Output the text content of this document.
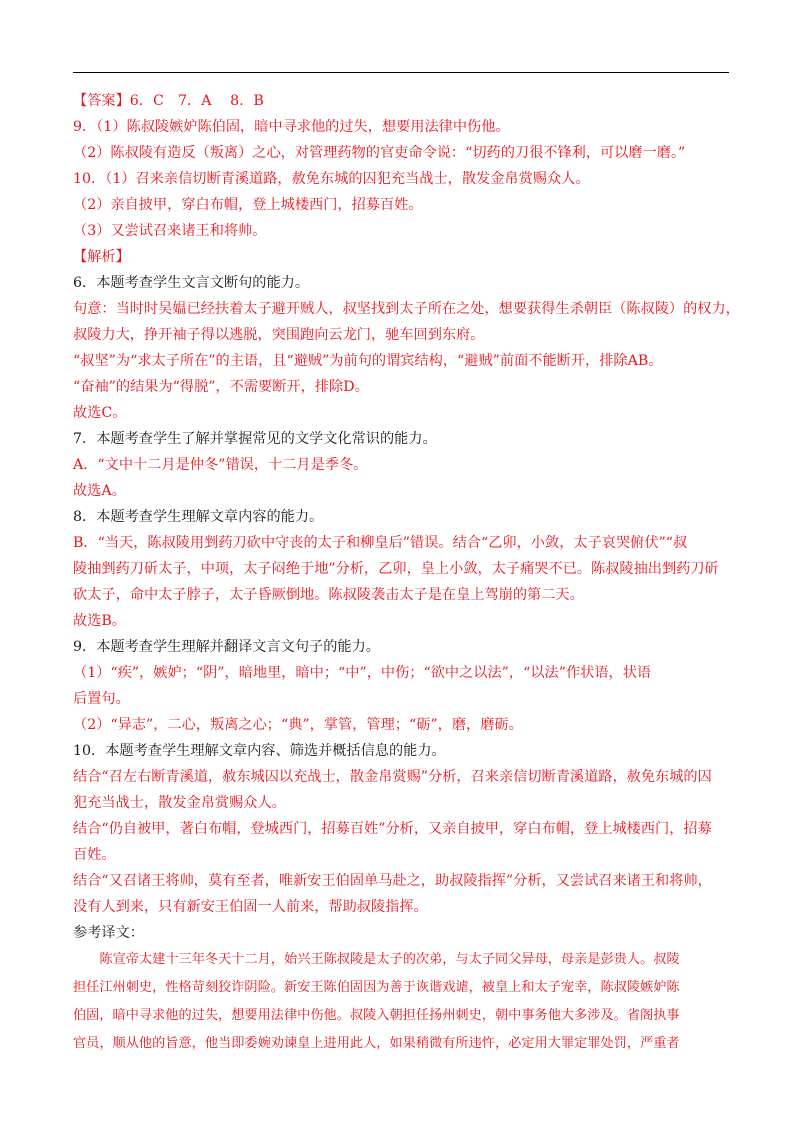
【答案】6．C　7．A　 8．B
9．（1）陈叔陵嫉妒陈伯固，暗中寻求他的过失，想要用法律中伤他。
（2）陈叔陵有造反（叛离）之心，对管理药物的官吏命令说：“切药的刀很不锋利，可以磨一磨。”
10．（1）召来亲信切断青溪道路，赦免东城的囚犯充当战士，散发金帛赏赐众人。
（2）亲自披甲，穿白布帽，登上城楼西门，招募百姓。
（3）又尝试召来诸王和将帅。
【解析】
6．本题考查学生文言文断句的能力。
句意：当时时吴媪已经扶着太子避开贼人，叔坚找到太子所在之处，想要获得生杀朝臣（陈叔陵）的权力，
叔陵力大，挣开袖子得以逃脱，突围跑向云龙门，驰车回到东府。
“叔坚”为“求太子所在”的主语，且“避贼”为前句的谓宾结构，“避贼”前面不能断开，排除AB。
“奋袖”的结果为“得脱”，不需要断开，排除D。
故选C。
7．本题考查学生了解并掌握常见的文学文化常识的能力。
A．“文中十二月是仲冬”错误，十二月是季冬。
故选A。
8．本题考查学生理解文章内容的能力。
B．“当天，陈叔陵用剉药刀砍中守丧的太子和柳皇后”错误。结合“乙卯，小敛，太子哀哭俯伏”“叔
陵抽剉药刀斫太子，中项，太子闷绝于地”分析，乙卯，皇上小敛，太子痛哭不已。陈叔陵抽出剉药刀斫
砍太子，命中太子脖子，太子昏厥倒地。陈叔陵袭击太子是在皇上驾崩的第二天。
故选B。
9．本题考查学生理解并翻译文言文句子的能力。
（1）“疾”，嫉妒；“阴”，暗地里，暗中；“中”，中伤；“欲中之以法”，“以法”作状语，状语
后置句。
（2）“异志”，二心，叛离之心；“典”，掌管，管理；“砺”，磨，磨砺。
10．本题考查学生理解文章内容、筛选并概括信息的能力。
结合“召左右断青溪道，赦东城囚以充战士，散金帛赏赐”分析，召来亲信切断青溪道路，赦免东城的囚
犯充当战士，散发金帛赏赐众人。
结合“仍自被甲，著白布帽，登城西门，招募百姓”分析，又亲自披甲，穿白布帽，登上城楼西门，招募
百姓。
结合“又召诸王将帅，莫有至者，唯新安王伯固单马赴之，助叔陵指挥”分析，又尝试召来诸王和将帅，
没有人到来，只有新安王伯固一人前来，帮助叔陵指挥。
参考译文：
陈宣帝太建十三年冬天十二月，始兴王陈叔陵是太子的次弟，与太子同父异母，母亲是彭贵人。叔陵
担任江州刺史，性格苛刻狡诈阴险。新安王陈伯固因为善于诙谐戏谑，被皇上和太子宠幸，陈叔陵嫉妒陈
伯固，暗中寻求他的过失，想要用法律中伤他。叔陵入朝担任扬州刺史，朝中事务他大多涉及。省阁执事
官员，顺从他的旨意，他当即委婉劝谏皇上进用此人，如果稍微有所违忤，必定用大罪定罪处罚，严重者
